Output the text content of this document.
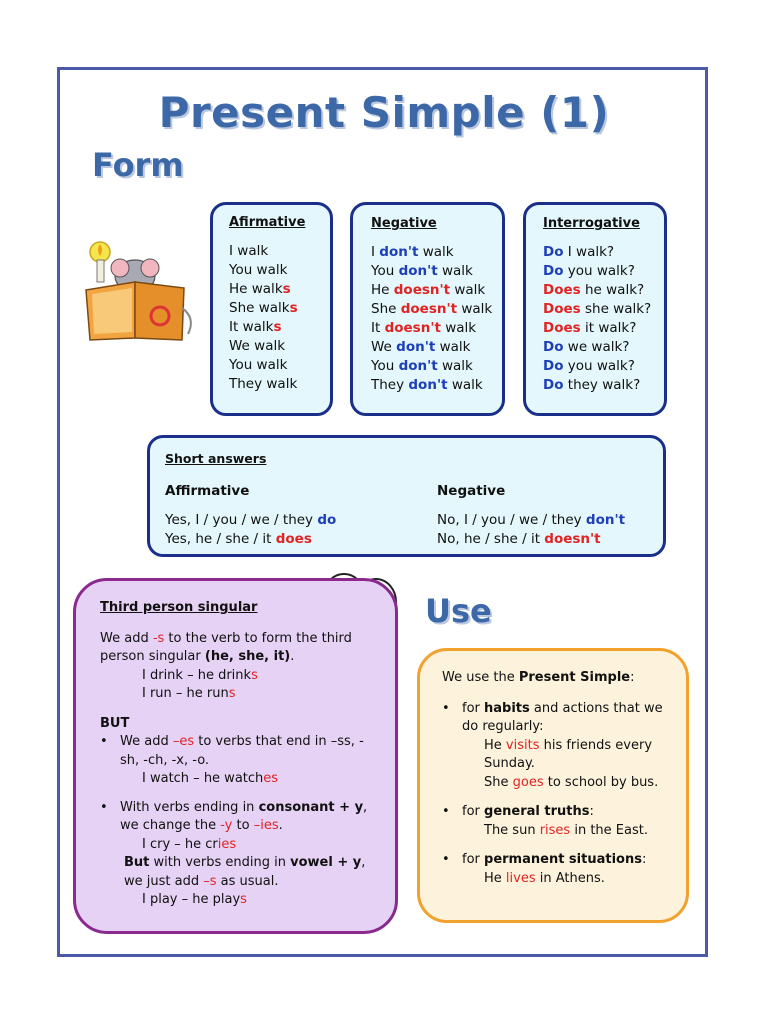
Present Simple (1)
Form
Afirmative
I walk
You walk
He walks
She walks
It walks
We walk
You walk
They walk
Negative
I don't walk
You don't walk
He doesn't walk
She doesn't walk
It doesn't walk
We don't walk
You don't walk
They don't walk
Interrogative
Do I walk?
Do you walk?
Does he walk?
Does she walk?
Does it walk?
Do we walk?
Do you walk?
Do they walk?
Short answers
Affirmative
Yes, I / you / we / they do
Yes, he / she / it does
Negative
No, I / you / we / they don't
No, he / she / it doesn't
Use
Third person singular
We add -s to the verb to form the third person singular (he, she, it).
I drink – he drinks
I run – he runs
BUT
• We add –es to verbs that end in –ss, -sh, -ch, -x, -o.
I watch – he watches
• With verbs ending in consonant + y, we change the -y to –ies.
I cry – he cries
But with verbs ending in vowel + y, we just add –s as usual.
I play – he plays
We use the Present Simple:
• for habits and actions that we do regularly:
He visits his friends every Sunday.
She goes to school by bus.
• for general truths:
The sun rises in the East.
• for permanent situations:
He lives in Athens.
